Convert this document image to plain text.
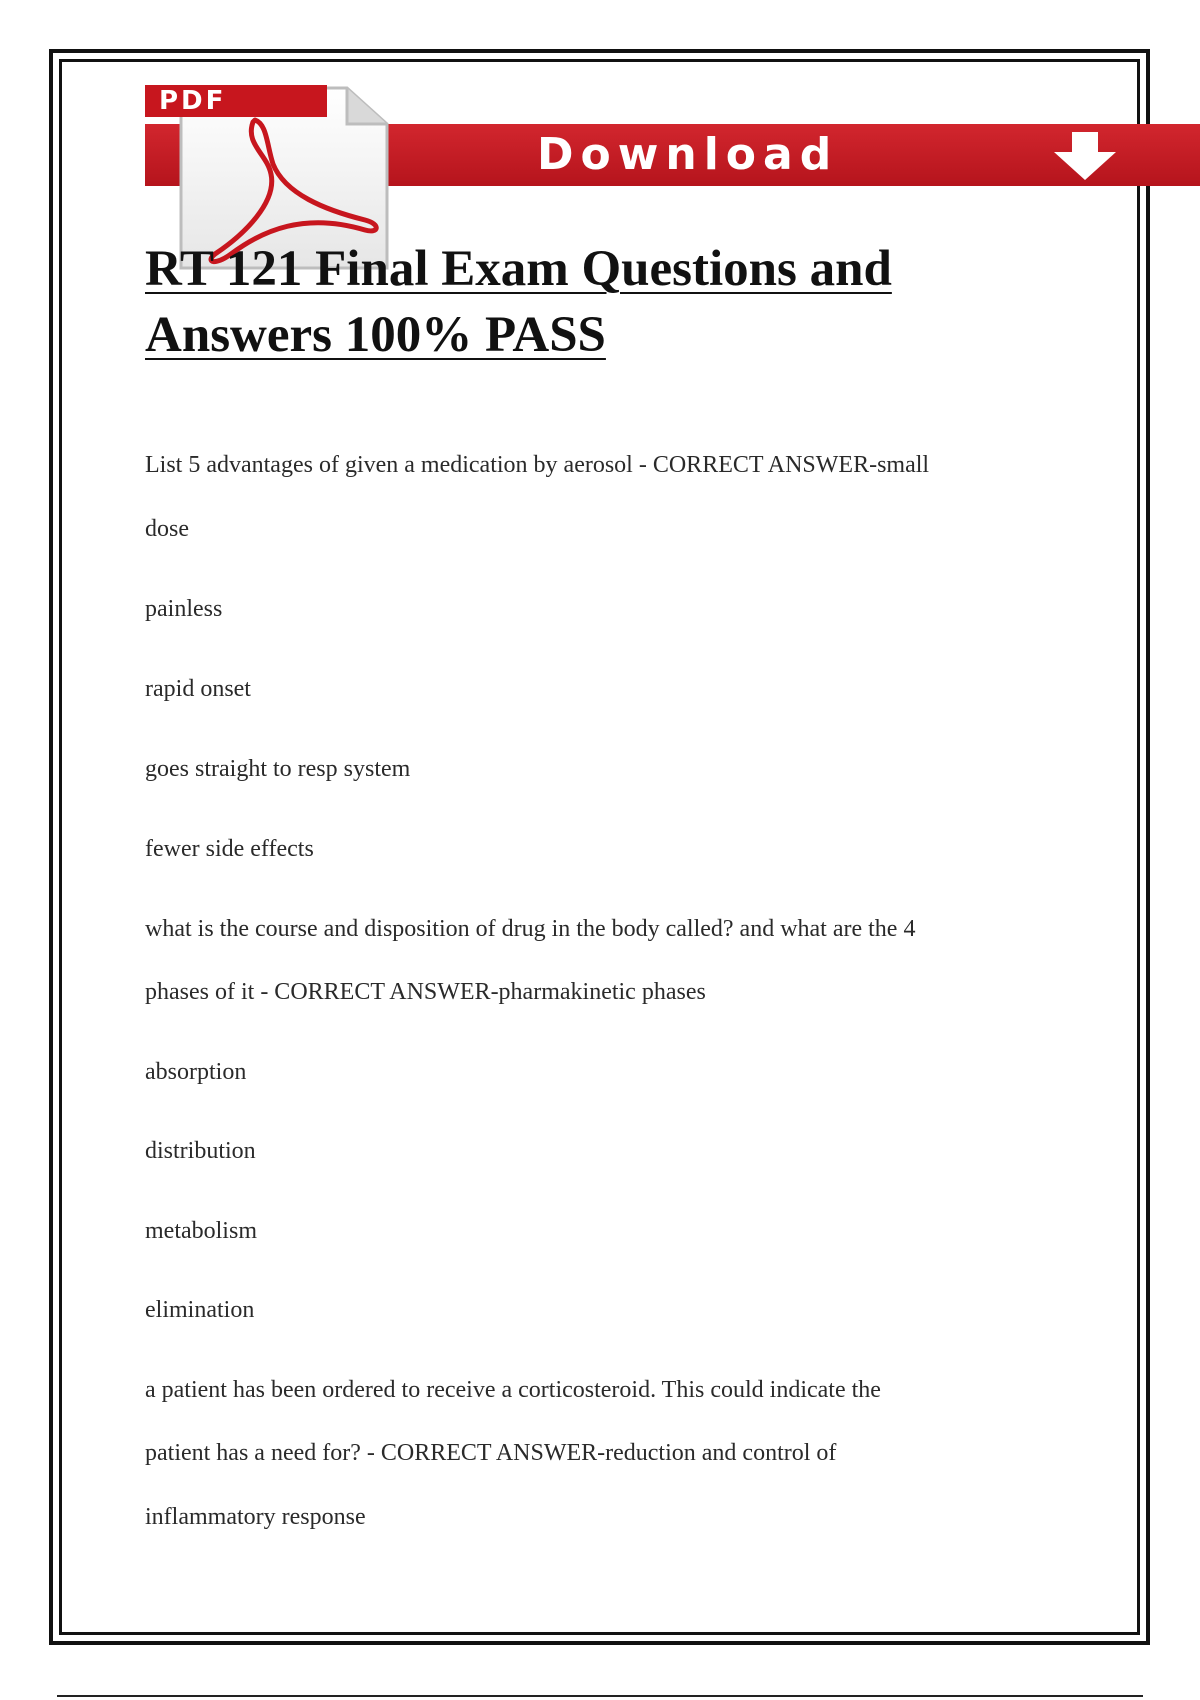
PDF
Download
RT 121 Final Exam Questions and
Answers 100% PASS
List 5 advantages of given a medication by aerosol - CORRECT ANSWER-small
dose
painless
rapid onset
goes straight to resp system
fewer side effects
what is the course and disposition of drug in the body called? and what are the 4
phases of it - CORRECT ANSWER-pharmakinetic phases
absorption
distribution
metabolism
elimination
a patient has been ordered to receive a corticosteroid. This could indicate the
patient has a need for? - CORRECT ANSWER-reduction and control of
inflammatory response
